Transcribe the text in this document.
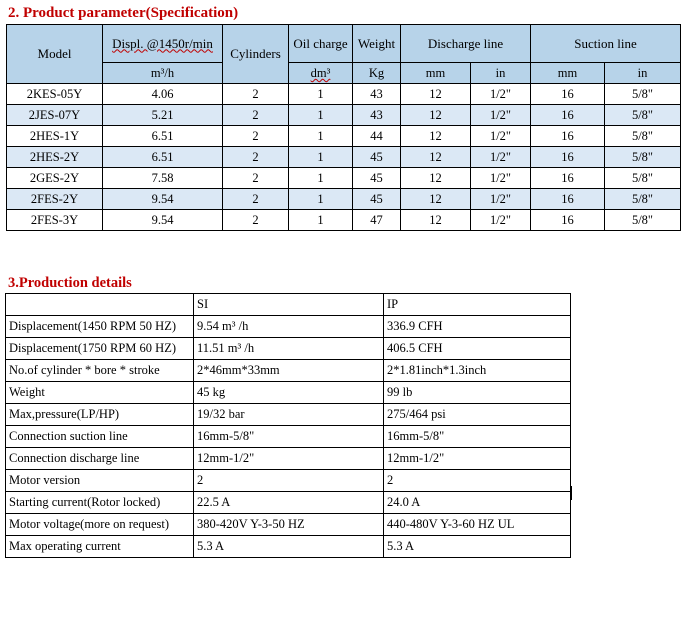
2. Product parameter(Specification)
Model	Displ. @1450r/min	Cylinders	Oil charge	Weight	Discharge line		Suction line	
	m³/h		dm³	Kg	mm	in	mm	in
2KES-05Y	4.06	2	1	43	12	1/2"	16	5/8"
2JES-07Y	5.21	2	1	43	12	1/2"	16	5/8"
2HES-1Y	6.51	2	1	44	12	1/2"	16	5/8"
2HES-2Y	6.51	2	1	45	12	1/2"	16	5/8"
2GES-2Y	7.58	2	1	45	12	1/2"	16	5/8"
2FES-2Y	9.54	2	1	45	12	1/2"	16	5/8"
2FES-3Y	9.54	2	1	47	12	1/2"	16	5/8"
3.Production details
	SI	IP
Displacement(1450 RPM 50 HZ)	9.54 m³ /h	336.9 CFH
Displacement(1750 RPM 60 HZ)	11.51 m³ /h	406.5 CFH
No.of cylinder * bore * stroke	2*46mm*33mm	2*1.81inch*1.3inch
Weight	45 kg	99 lb
Max,pressure(LP/HP)	19/32 bar	275/464 psi
Connection suction line	16mm-5/8"	16mm-5/8"
Connection discharge line	12mm-1/2"	12mm-1/2"
Motor version	2	2
Starting current(Rotor locked)	22.5 A	24.0 A
Motor voltage(more on request)	380-420V Y-3-50 HZ	440-480V Y-3-60 HZ UL
Max operating current	5.3 A	5.3 A
